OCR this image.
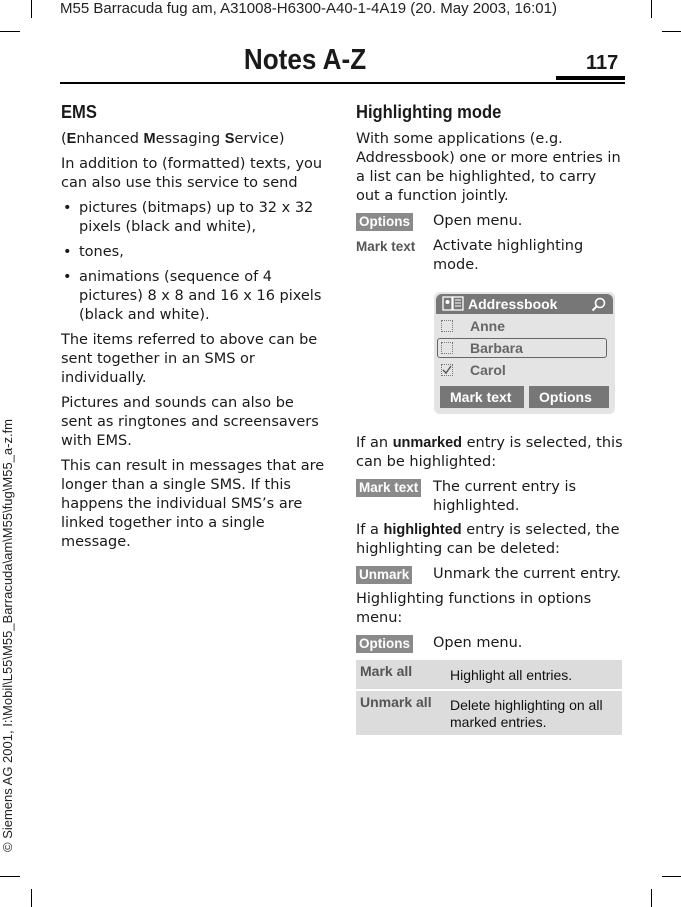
M55 Barracuda fug am, A31008-H6300-A40-1-4A19 (20. May 2003, 16:01)
© Siemens AG 2001, I:\Mobil\L55\M55_Barracuda\am\M55\fug\M55_a-z.fm
Notes A-Z	117
EMS

(Enhanced Messaging Service)

In addition to (formatted) texts, you can also use this service to send

• pictures (bitmaps) up to 32 x 32 pixels (black and white),
• tones,
• animations (sequence of 4 pictures) 8 x 8 and 16 x 16 pixels (black and white).

The items referred to above can be sent together in an SMS or individually.

Pictures and sounds can also be sent as ringtones and screensavers with EMS.

This can result in messages that are longer than a single SMS. If this happens the individual SMS’s are linked together into a single message.

Highlighting mode

With some applications (e.g. Addressbook) one or more entries in a list can be highlighted, to carry out a function jointly.

Options Open menu.
Mark text Activate highlighting mode.
Addressbook
Anne
Barbara
Carol
Mark text	Options

If an unmarked entry is selected, this can be highlighted:

Mark text The current entry is highlighted.

If a highlighted entry is selected, the highlighting can be deleted:

Unmark Unmark the current entry.

Highlighting functions in options menu:

Options Open menu.
Mark all	Highlight all entries.
Unmark all Delete highlighting on all marked entries.
